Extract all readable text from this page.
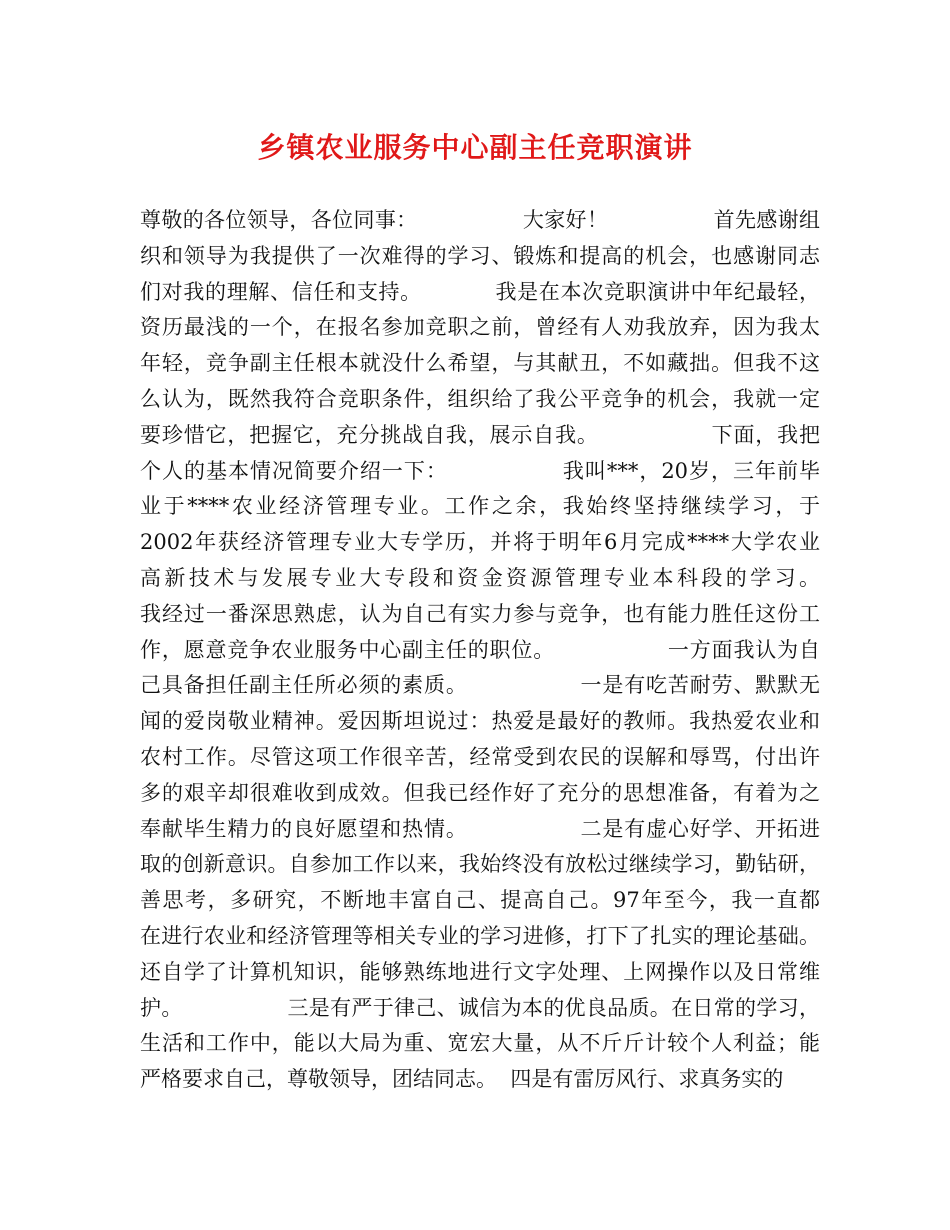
乡镇农业服务中心副主任竞职演讲
尊敬的各位领导，各位同事：               大家好！               首先感谢组
织和领导为我提供了一次难得的学习、锻炼和提高的机会，也感谢同志
们对我的理解、信任和支持。          我是在本次竞职演讲中年纪最轻，
资历最浅的一个，在报名参加竞职之前，曾经有人劝我放弃，因为我太
年轻，竞争副主任根本就没什么希望，与其献丑，不如藏拙。但我不这
么认为，既然我符合竞职条件，组织给了我公平竞争的机会，我就一定
要珍惜它，把握它，充分挑战自我，展示自我。               下面，我把
个人的基本情况简要介绍一下：               我叫***，20岁，三年前毕
业于****农业经济管理专业。工作之余，我始终坚持继续学习，于
2002年获经济管理专业大专学历，并将于明年6月完成****大学农业
高新技术与发展专业大专段和资金资源管理专业本科段的学习。
我经过一番深思熟虑，认为自己有实力参与竞争，也有能力胜任这份工
作，愿意竞争农业服务中心副主任的职位。               一方面我认为自
己具备担任副主任所必须的素质。               一是有吃苦耐劳、默默无
闻的爱岗敬业精神。爱因斯坦说过：热爱是最好的教师。我热爱农业和
农村工作。尽管这项工作很辛苦，经常受到农民的误解和辱骂，付出许
多的艰辛却很难收到成效。但我已经作好了充分的思想准备，有着为之
奉献毕生精力的良好愿望和热情。               二是有虚心好学、开拓进
取的创新意识。自参加工作以来，我始终没有放松过继续学习，勤钻研，
善思考，多研究，不断地丰富自己、提高自己。97年至今，我一直都
在进行农业和经济管理等相关专业的学习进修，打下了扎实的理论基础。
还自学了计算机知识，能够熟练地进行文字处理、上网操作以及日常维
护。               三是有严于律己、诚信为本的优良品质。在日常的学习，
生活和工作中，能以大局为重、宽宏大量，从不斤斤计较个人利益；能
严格要求自己，尊敬领导，团结同志。  四是有雷厉风行、求真务实的
